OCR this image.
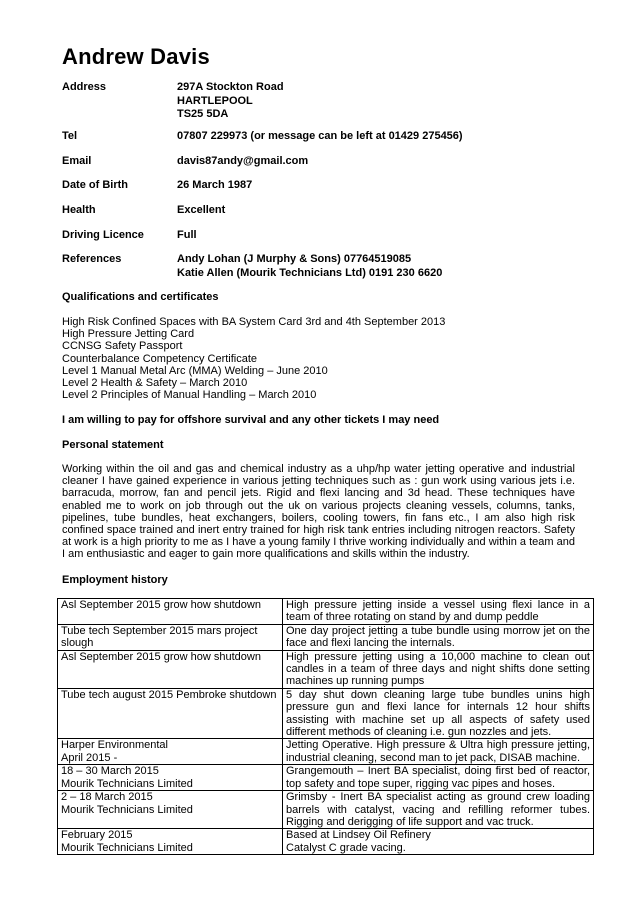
Andrew Davis
Address	297A Stockton Road
HARTLEPOOL
TS25 5DA
Tel	07807 229973 (or message can be left at 01429 275456)
Email	davis87andy@gmail.com
Date of Birth	26 March 1987
Health	Excellent
Driving Licence	Full
References	Andy Lohan (J Murphy & Sons) 07764519085
Katie Allen (Mourik Technicians Ltd) 0191 230 6620
Qualifications and certificates
High Risk Confined Spaces with BA System Card 3rd and 4th September 2013
High Pressure Jetting Card
CCNSG Safety Passport
Counterbalance Competency Certificate
Level 1 Manual Metal Arc (MMA) Welding – June 2010
Level 2 Health & Safety – March 2010
Level 2 Principles of Manual Handling – March 2010
I am willing to pay for offshore survival and any other tickets I may need
Personal statement
Working within the oil and gas and chemical industry as a uhp/hp water jetting operative and industrial cleaner I have gained experience in various jetting techniques such as : gun work using various jets i.e. barracuda, morrow, fan and pencil jets. Rigid and flexi lancing and 3d head. These techniques have enabled me to work on job through out the uk on various projects cleaning vessels, columns, tanks, pipelines, tube bundles, heat exchangers, boilers, cooling towers, fin fans etc., I am also high risk confined space trained and inert entry trained for high risk tank entries including nitrogen reactors. Safety at work is a high priority to me as I have a young family I thrive working individually and within a team and I am enthusiastic and eager to gain more qualifications and skills within the industry.
Employment history
Asl September 2015 grow how shutdown	High pressure jetting inside a vessel using flexi lance in a team of three rotating on stand by and dump peddle

Tube tech September 2015 mars project slough	One day project jetting a tube bundle using morrow jet on the face and flexi lancing the internals.

Asl September 2015 grow how shutdown	High pressure jetting using a 10,000 machine to clean out candles in a team of three days and night shifts done setting machines up running pumps

Tube tech august 2015 Pembroke shutdown	5 day shut down cleaning large tube bundles unins high pressure gun and flexi lance for internals 12 hour shifts assisting with machine set up all aspects of safety used different methods of cleaning i.e. gun nozzles and jets.

Harper Environmental
April 2015 -	Jetting Operative. High pressure & Ultra high pressure jetting, industrial cleaning, second man to jet pack, DISAB machine.

18 – 30 March 2015
Mourik Technicians Limited	Grangemouth – Inert BA specialist, doing first bed of reactor, top safety and tope super, rigging vac pipes and hoses.

2 – 18 March 2015
Mourik Technicians Limited	Grimsby - Inert BA specialist acting as ground crew loading barrels with catalyst, vacing and refilling reformer tubes. Rigging and derigging of life support and vac truck.

February 2015
Mourik Technicians Limited	Based at Lindsey Oil Refinery
Catalyst C grade vacing.
